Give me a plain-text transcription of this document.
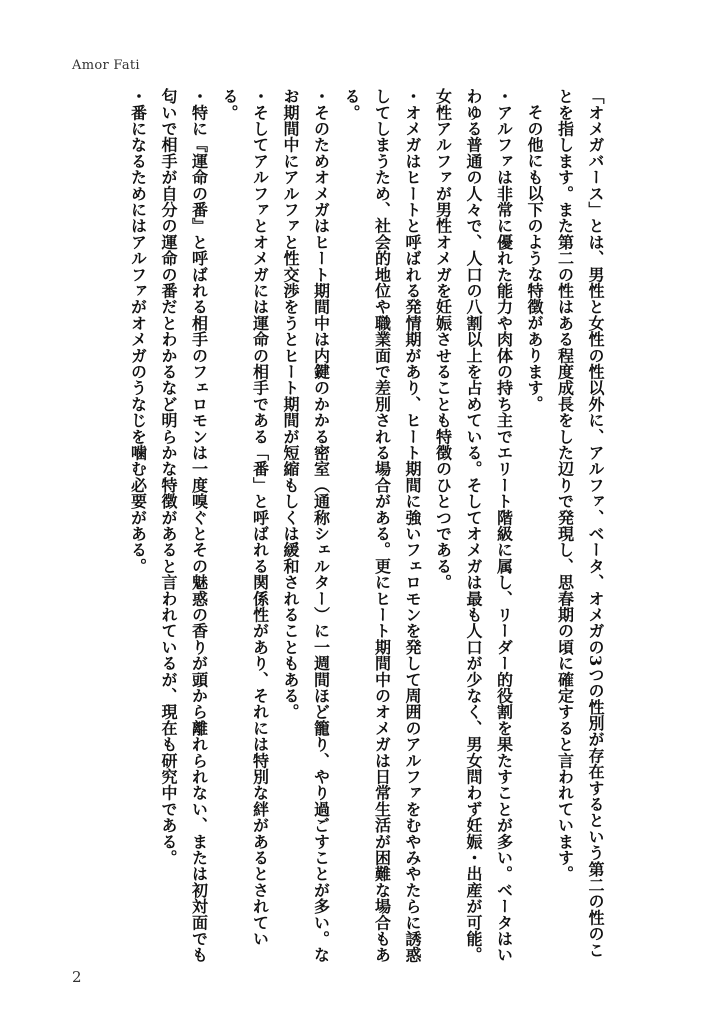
Amor Fati

「オメガバース」とは、男性と女性の性以外に、アルファ、ベータ、オメガの3つの性別が存在するという第二の性のことを指します。また第二の性はある程度成長をした辺りで発現し、思春期の頃に確定すると言われています。

その他にも以下のような特徴があります。

・アルファは非常に優れた能力や肉体の持ち主でエリート階級に属し、リーダー的役割を果たすことが多い。ベータはいわゆる普通の人々で、人口の八割以上を占めている。そしてオメガは最も人口が少なく、男女問わず妊娠・出産が可能。女性アルファが男性オメガを妊娠させることも特徴のひとつである。

・オメガはヒートと呼ばれる発情期があり、ヒート期間に強いフェロモンを発して周囲のアルファをむやみやたらに誘惑してしまうため、社会的地位や職業面で差別される場合がある。更にヒート期間中のオメガは日常生活が困難な場合もある。

・そのためオメガはヒート期間中は内鍵のかかる密室（通称シェルター）に一週間ほど籠り、やり過ごすことが多い。なお期間中にアルファと性交渉をうとヒート期間が短縮もしくは緩和されることもある。

・そしてアルファとオメガには運命の相手である「番」と呼ばれる関係性があり、それには特別な絆があるとされている。

・特に『運命の番』と呼ばれる相手のフェロモンは一度嗅ぐとその魅惑の香りが頭から離れられない、または初対面でも匂いで相手が自分の運命の番だとわかるなど明らかな特徴があると言われているが、現在も研究中である。

・番になるためにはアルファがオメガのうなじを噛む必要がある。

2
